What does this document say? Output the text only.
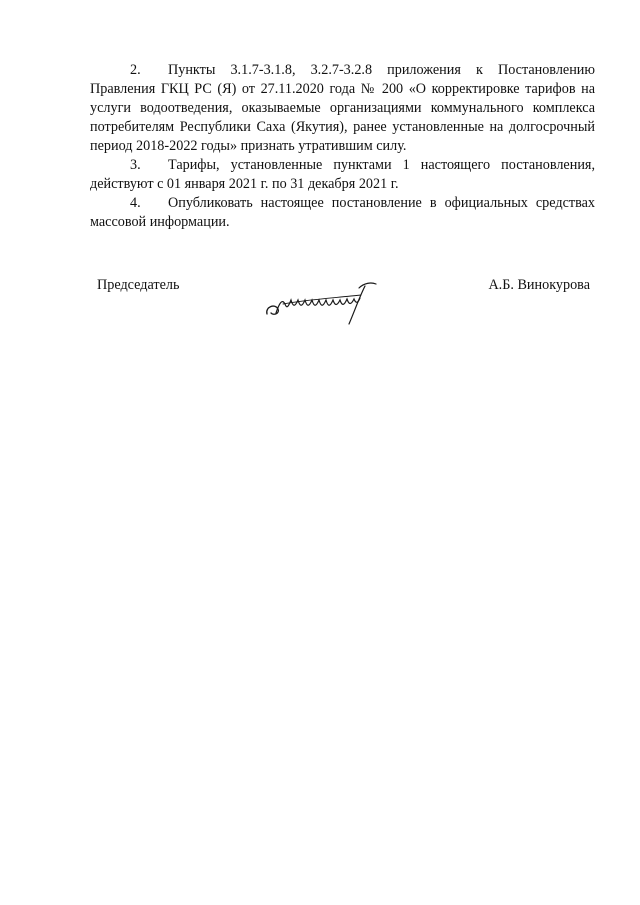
2. Пункты 3.1.7-3.1.8, 3.2.7-3.2.8 приложения к Постановлению Правления ГКЦ РС (Я) от 27.11.2020 года № 200 «О корректировке тарифов на услуги водоотведения, оказываемые организациями коммунального комплекса потребителям Республики Саха (Якутия), ранее установленные на долгосрочный период 2018-2022 годы» признать утратившим силу.

3. Тарифы, установленные пунктами 1 настоящего постановления, действуют с 01 января 2021 г. по 31 декабря 2021 г.

4. Опубликовать настоящее постановление в официальных средствах массовой информации.

Председатель	А.Б. Винокурова
